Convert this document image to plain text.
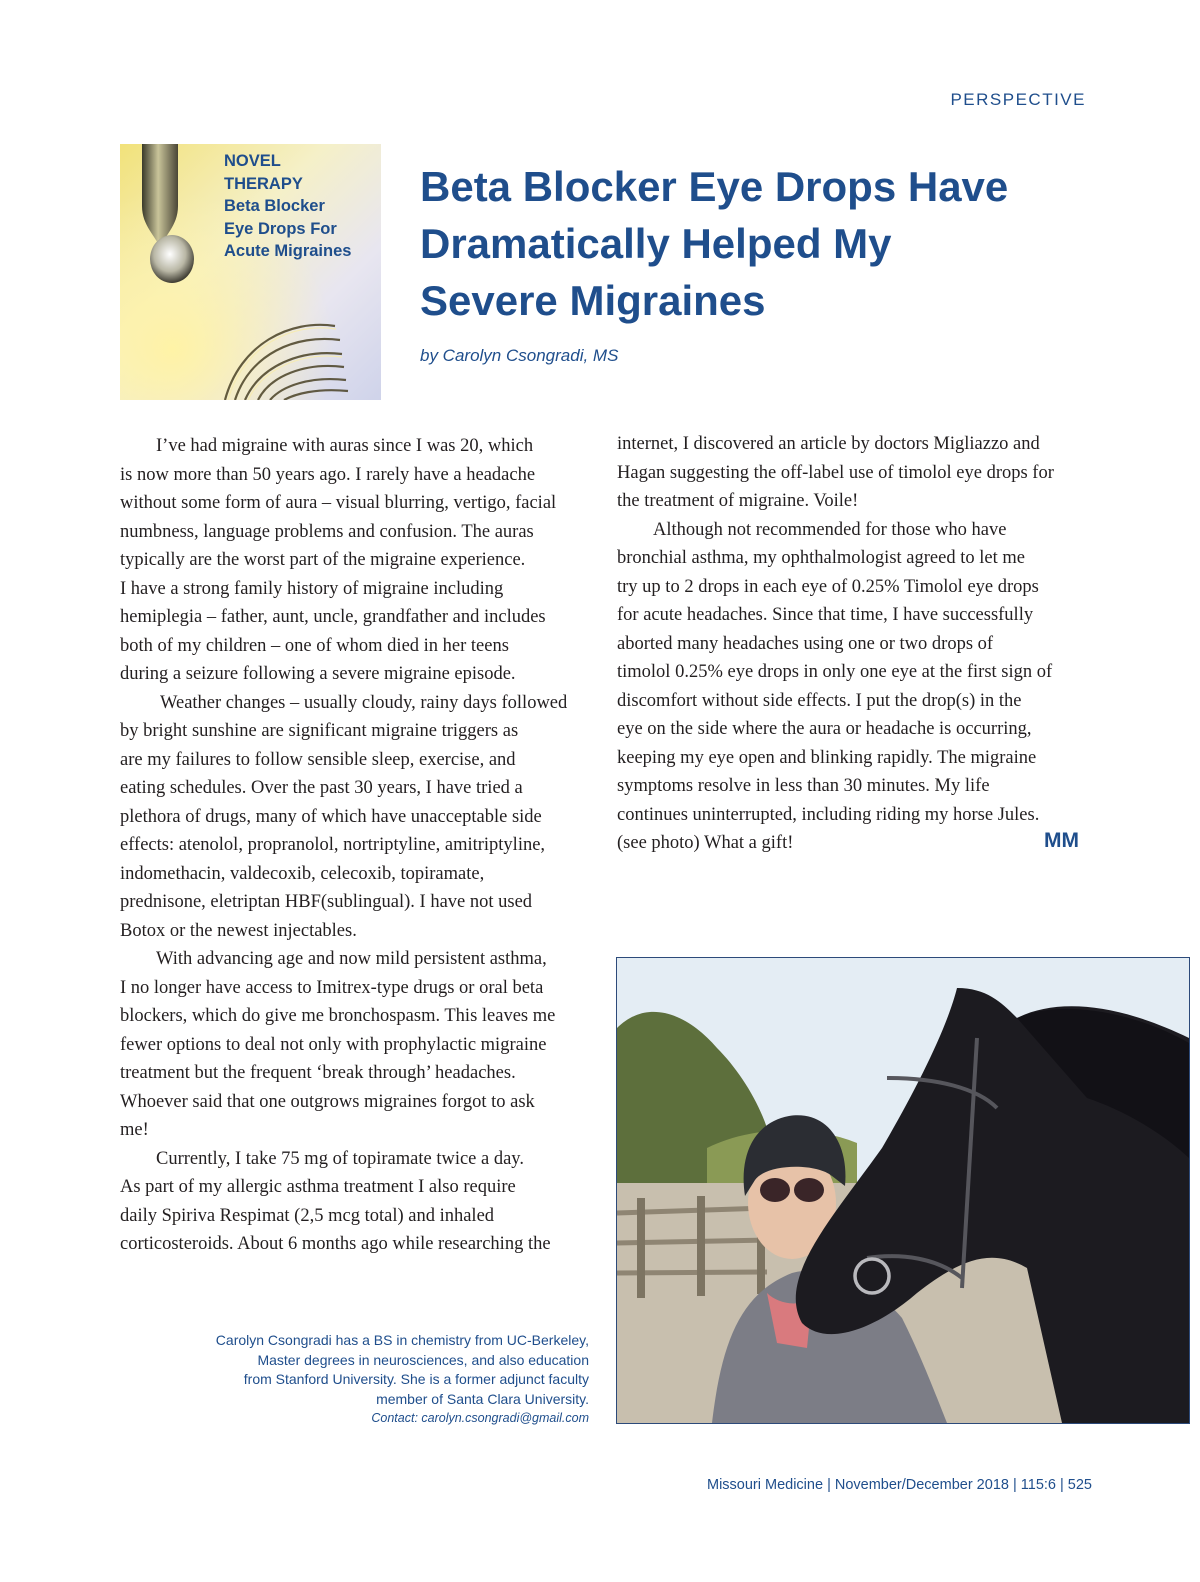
PERSPECTIVE
NOVEL
THERAPY
Beta Blocker
Eye Drops For
Acute Migraines
Beta Blocker Eye Drops Have
Dramatically Helped My
Severe Migraines
by Carolyn Csongradi, MS
I’ve had migraine with auras since I was 20, which
is now more than 50 years ago. I rarely have a headache
without some form of aura – visual blurring, vertigo, facial
numbness, language problems and confusion. The auras
typically are the worst part of the migraine experience.
I have a strong family history of migraine including
hemiplegia – father, aunt, uncle, grandfather and includes
both of my children – one of whom died in her teens
during a seizure following a severe migraine episode.
Weather changes – usually cloudy, rainy days followed
by bright sunshine are significant migraine triggers as
are my failures to follow sensible sleep, exercise, and
eating schedules. Over the past 30 years, I have tried a
plethora of drugs, many of which have unacceptable side
effects: atenolol, propranolol, nortriptyline, amitriptyline,
indomethacin, valdecoxib, celecoxib, topiramate,
prednisone, eletriptan HBF(sublingual). I have not used
Botox or the newest injectables.
With advancing age and now mild persistent asthma,
I no longer have access to Imitrex-type drugs or oral beta
blockers, which do give me bronchospasm. This leaves me
fewer options to deal not only with prophylactic migraine
treatment but the frequent ‘break through’ headaches.
Whoever said that one outgrows migraines forgot to ask
me!
Currently, I take 75 mg of topiramate twice a day.
As part of my allergic asthma treatment I also require
daily Spiriva Respimat (2,5 mcg total) and inhaled
corticosteroids. About 6 months ago while researching the
internet, I discovered an article by doctors Migliazzo and
Hagan suggesting the off-label use of timolol eye drops for
the treatment of migraine. Voile!
Although not recommended for those who have
bronchial asthma, my ophthalmologist agreed to let me
try up to 2 drops in each eye of 0.25% Timolol eye drops
for acute headaches. Since that time, I have successfully
aborted many headaches using one or two drops of
timolol 0.25% eye drops in only one eye at the first sign of
discomfort without side effects. I put the drop(s) in the
eye on the side where the aura or headache is occurring,
keeping my eye open and blinking rapidly. The migraine
symptoms resolve in less than 30 minutes. My life
continues uninterrupted, including riding my horse Jules.
(see photo) What a gift!	MM
Carolyn Csongradi has a BS in chemistry from UC-Berkeley,
Master degrees in neurosciences, and also education
from Stanford University. She is a former adjunct faculty
member of Santa Clara University.
Contact: carolyn.csongradi@gmail.com
Missouri Medicine | November/December 2018 | 115:6 | 525
